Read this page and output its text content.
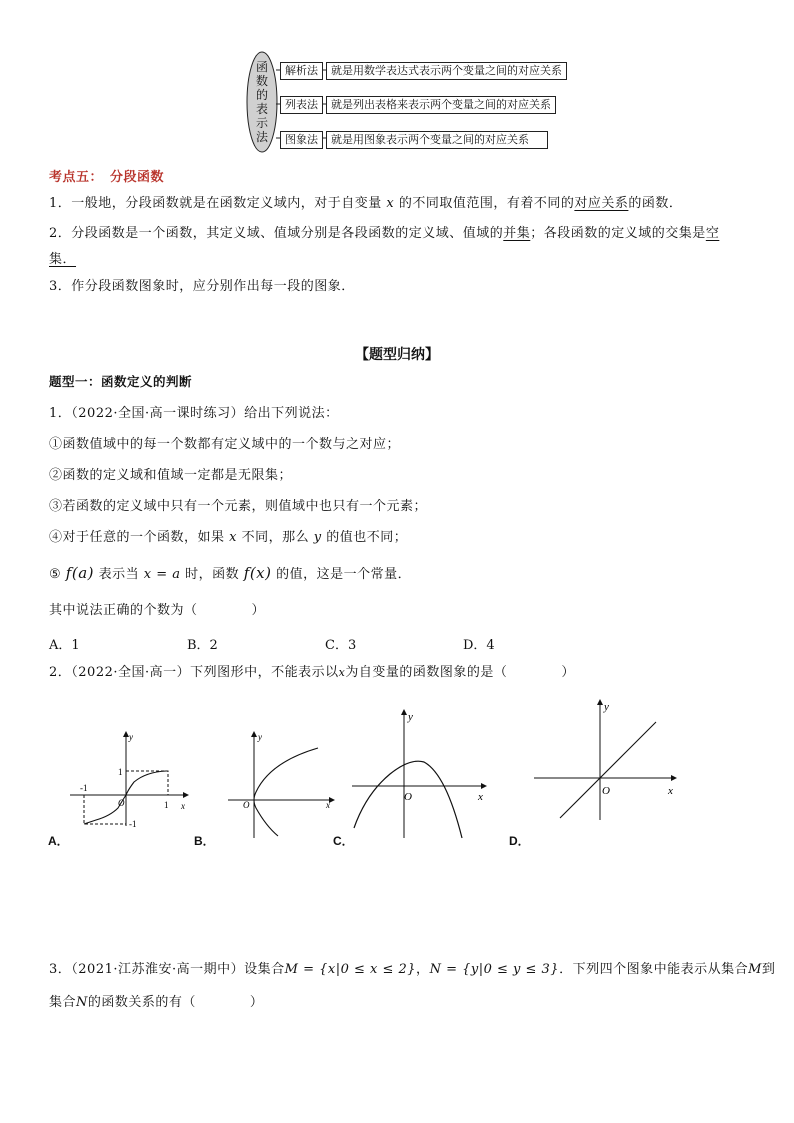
函数的表示法
解析法	就是用数学表达式表示两个变量之间的对应关系
列表法	就是列出表格来表示两个变量之间的对应关系
图象法	就是用图象表示两个变量之间的对应关系
考点五：　分段函数
1．一般地，分段函数就是在函数定义域内，对于自变量 x 的不同取值范围，有着不同的对应关系的函数．
2．分段函数是一个函数，其定义域、值域分别是各段函数的定义域、值域的并集；各段函数的定义域的交集是空
集．
3．作分段函数图象时，应分别作出每一段的图象．
【题型归纳】
题型一：函数定义的判断
1．（2022·全国·高一课时练习）给出下列说法：
①函数值域中的每一个数都有定义域中的一个数与之对应；
②函数的定义域和值域一定都是无限集；
③若函数的定义域中只有一个元素，则值域中也只有一个元素；
④对于任意的一个函数，如果 x 不同，那么 y 的值也不同；
⑤ f(a) 表示当 x = a 时，函数 f(x) 的值，这是一个常量．
其中说法正确的个数为（　　　　）
A．1	B．2	C．3	D．4
2．（2022·全国·高一）下列图形中，不能表示以x为自变量的函数图象的是（　　　　）
y
x
O	1
-1
-1
1
A．
y
x
O
B．
y
x
O
C．
y
x
O
D．
3．（2021·江苏淮安·高一期中）设集合M = {x|0 ≤ x ≤ 2}，N = {y|0 ≤ y ≤ 3}．下列四个图象中能表示从集合M到
集合N的函数关系的有（　　　　）
